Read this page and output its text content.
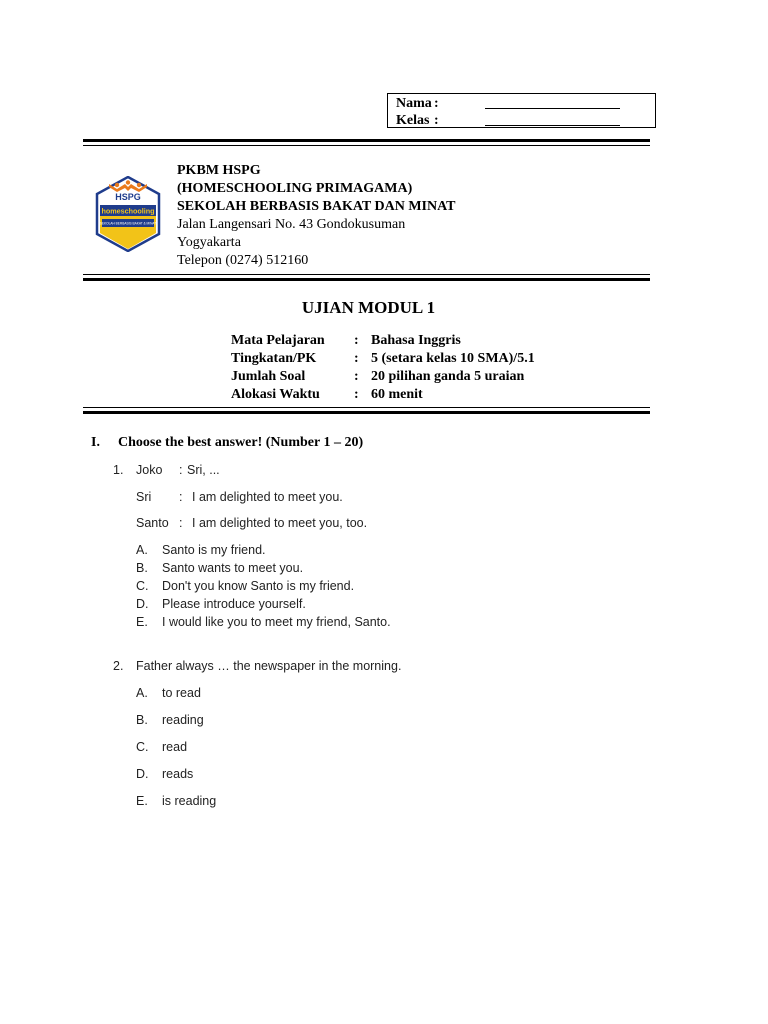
Nama :
Kelas :
HSPG
homeschooling
SEKOLAH BERBASIS BAKAT & MINAT
PKBM HSPG
(HOMESCHOOLING PRIMAGAMA)
SEKOLAH BERBASIS BAKAT DAN MINAT
Jalan Langensari No. 43 Gondokusuman
Yogyakarta
Telepon (0274) 512160
UJIAN MODUL 1
Mata Pelajaran : Bahasa Inggris
Tingkatan/PK	: 5 (setara kelas 10 SMA)/5.1
Jumlah Soal	: 20 pilihan ganda 5 uraian
Alokasi Waktu : 60 menit
I. Choose the best answer! (Number 1 – 20)
1. Joko : Sri, ...
Sri : I am delighted to meet you.
Santo : I am delighted to meet you, too.
A. Santo is my friend.
B. Santo wants to meet you.
C. Don't you know Santo is my friend.
D. Please introduce yourself.
E. I would like you to meet my friend, Santo.
2. Father always … the newspaper in the morning.
A. to read
B. reading
C. read
D. reads
E. is reading
